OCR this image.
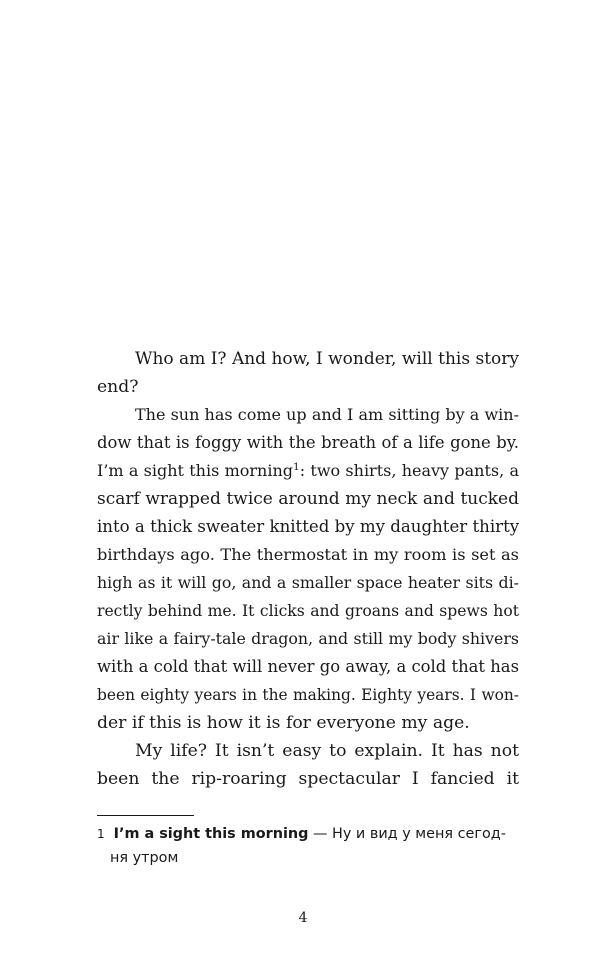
Who am I? And how, I wonder, will this story
end?
The sun has come up and I am sitting by a win-
dow that is foggy with the breath of a life gone by.
I’m a sight this morning$^1$: two shirts, heavy pants, a
scarf wrapped twice around my neck and tucked
into a thick sweater knitted by my daughter thirty
birthdays ago. The thermostat in my room is set as
high as it will go, and a smaller space heater sits di-
rectly behind me. It clicks and groans and spews hot
air like a fairy-tale dragon, and still my body shivers
with a cold that will never go away, a cold that has
been eighty years in the making. Eighty years. I won-
der if this is how it is for everyone my age.
My life? It isn’t easy to explain. It has not
been the rip-roaring spectacular I fancied it
1 I’m a sight this morning — Ну и вид у меня сегод-
ня утром
4
